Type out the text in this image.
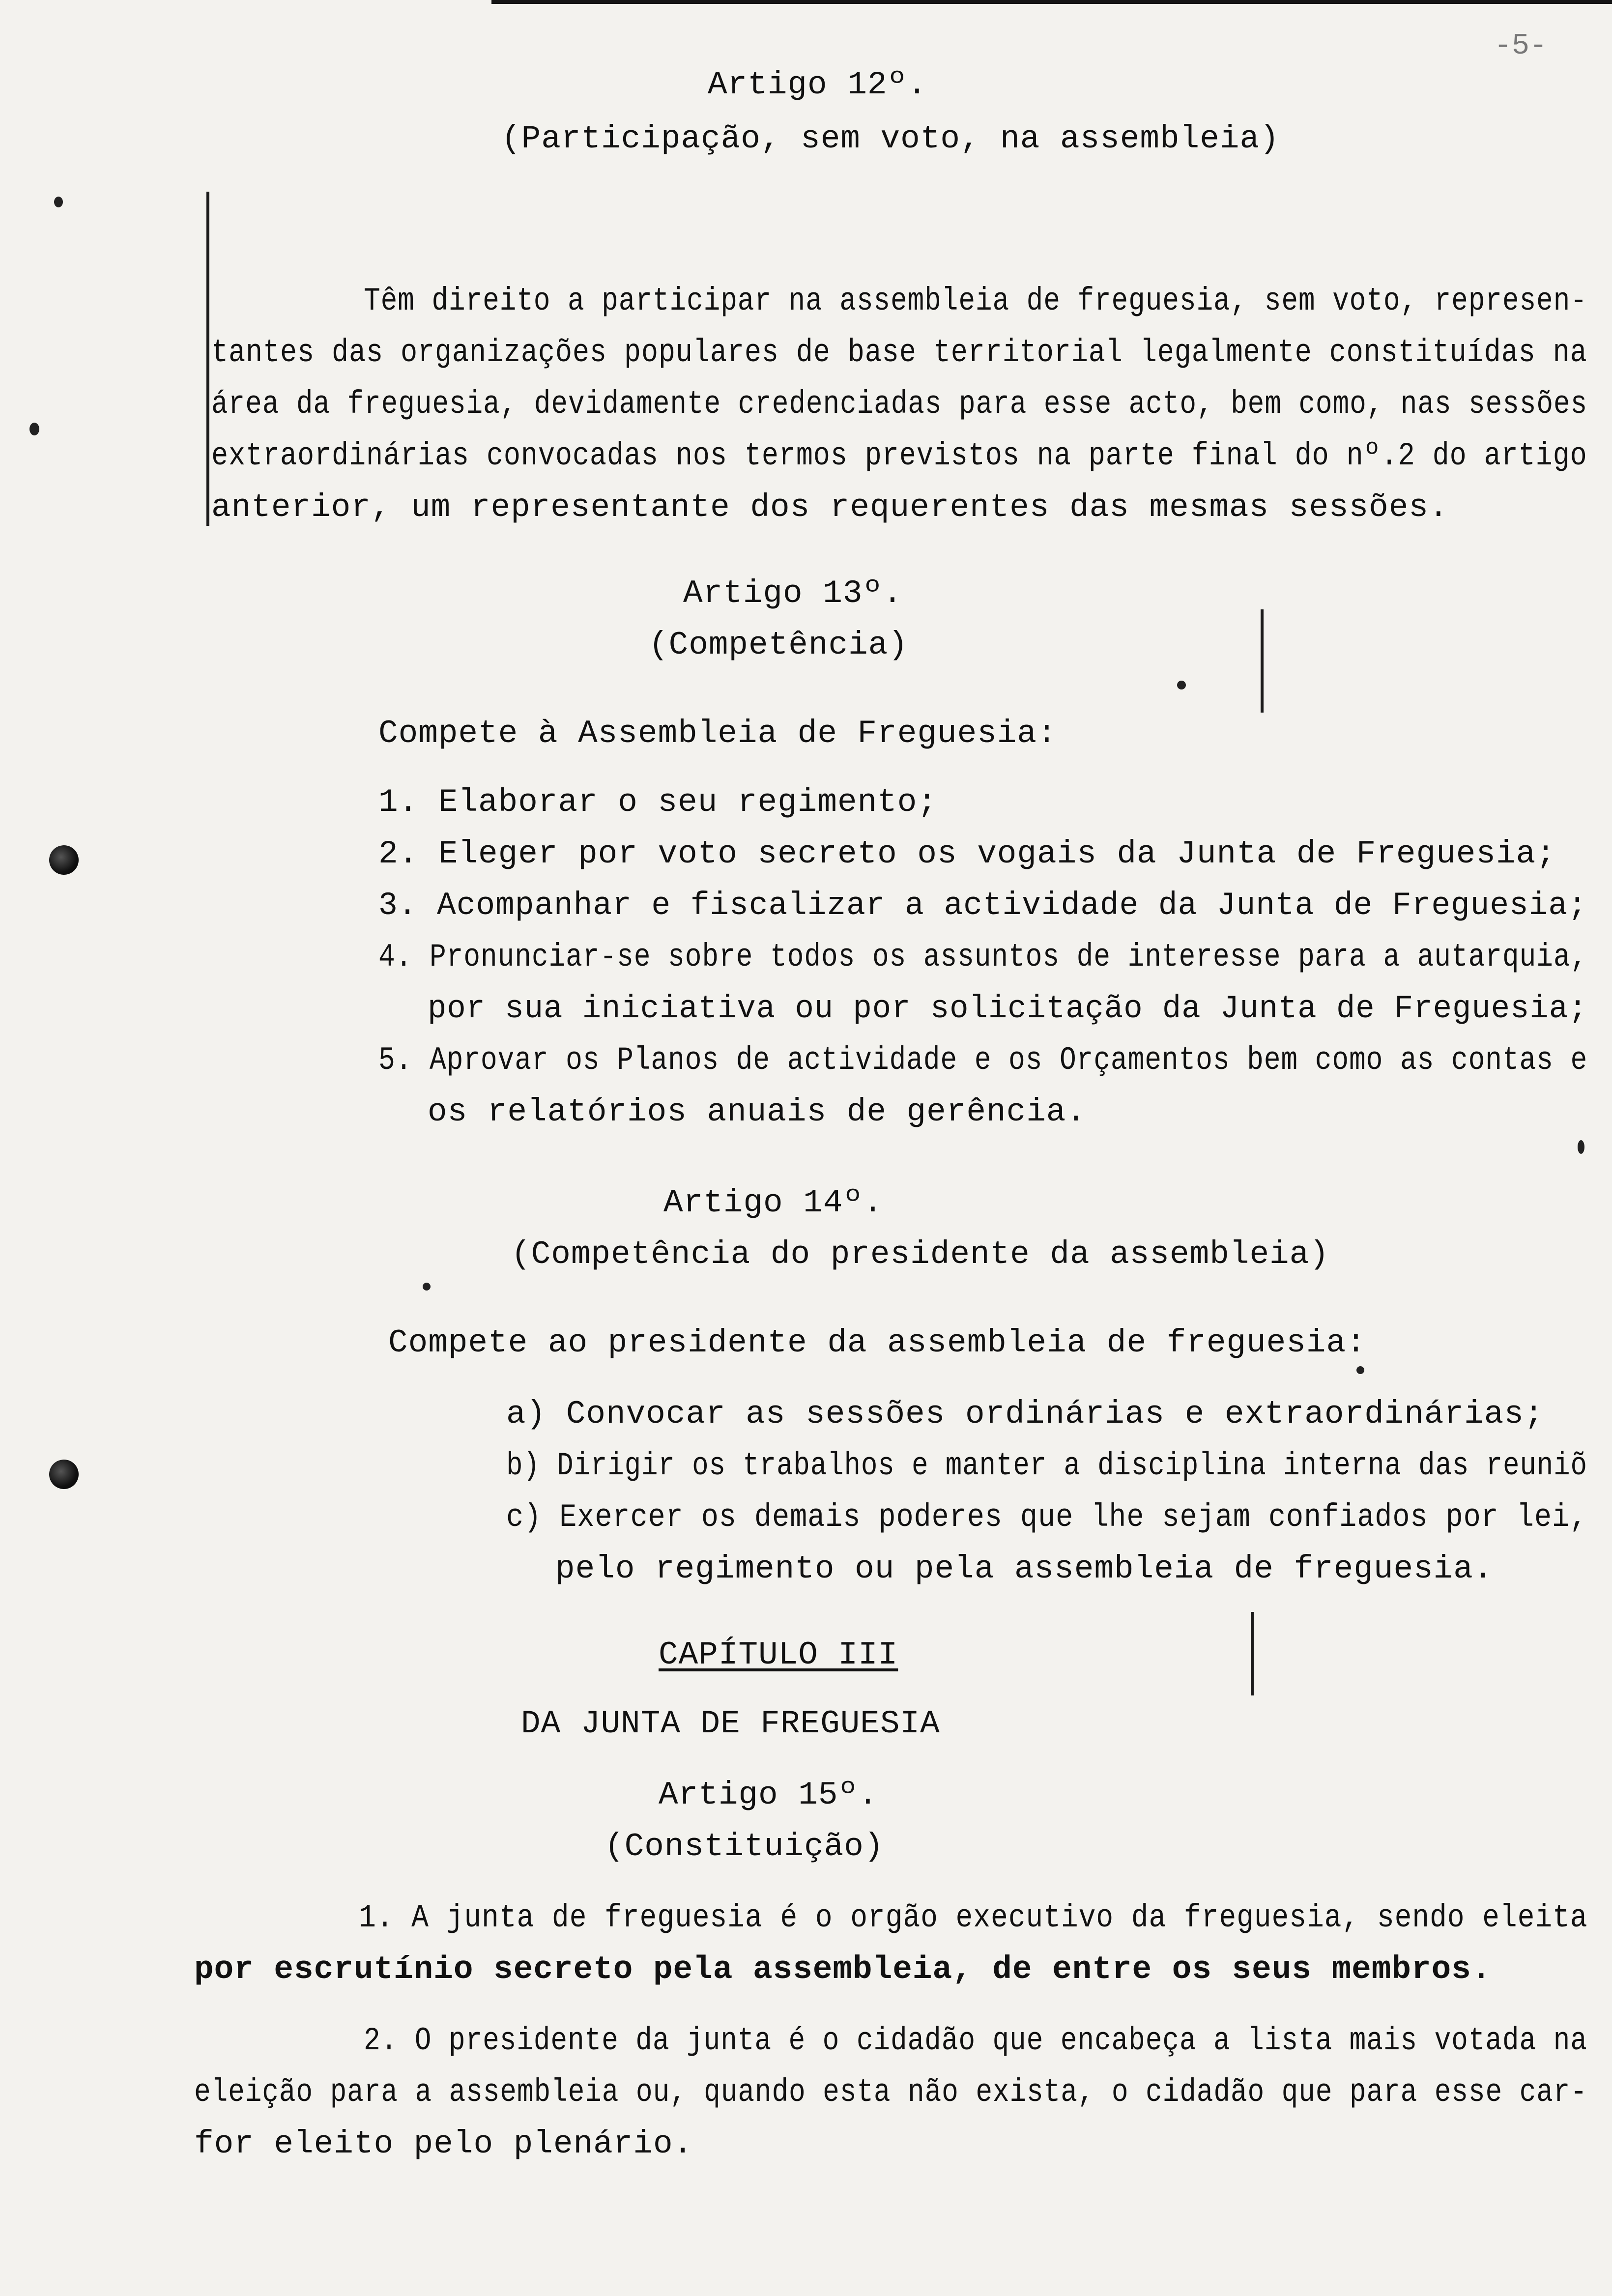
-5-
Artigo 12º.
(Participação, sem voto, na assembleia)
Têm direito a participar na assembleia de freguesia, sem voto, represen-
tantes das organizações populares de base territorial legalmente constituídas na
área da freguesia, devidamente credenciadas para esse acto, bem como, nas sessões
extraordinárias convocadas nos termos previstos na parte final do nº.2 do artigo
anterior, um representante dos requerentes das mesmas sessões.
Artigo 13º.
(Competência)
Compete à Assembleia de Freguesia:
1. Elaborar o seu regimento;
2. Eleger por voto secreto os vogais da Junta de Freguesia;
3. Acompanhar e fiscalizar a actividade da Junta de Freguesia;
4. Pronunciar-se sobre todos os assuntos de interesse para a autarquia,
por sua iniciativa ou por solicitação da Junta de Freguesia;
5. Aprovar os Planos de actividade e os Orçamentos bem como as contas e
os relatórios anuais de gerência.
Artigo 14º.
(Competência do presidente da assembleia)
Compete ao presidente da assembleia de freguesia:
a) Convocar as sessões ordinárias e extraordinárias;
b) Dirigir os trabalhos e manter a disciplina interna das reuniõ
c) Exercer os demais poderes que lhe sejam confiados por lei,
pelo regimento ou pela assembleia de freguesia.
CAPÍTULO III
DA JUNTA DE FREGUESIA
Artigo 15º.
(Constituição)
1. A junta de freguesia é o orgão executivo da freguesia, sendo eleita
por escrutínio secreto pela assembleia, de entre os seus membros.
2. O presidente da junta é o cidadão que encabeça a lista mais votada na
eleição para a assembleia ou, quando esta não exista, o cidadão que para esse car-
for eleito pelo plenário.
